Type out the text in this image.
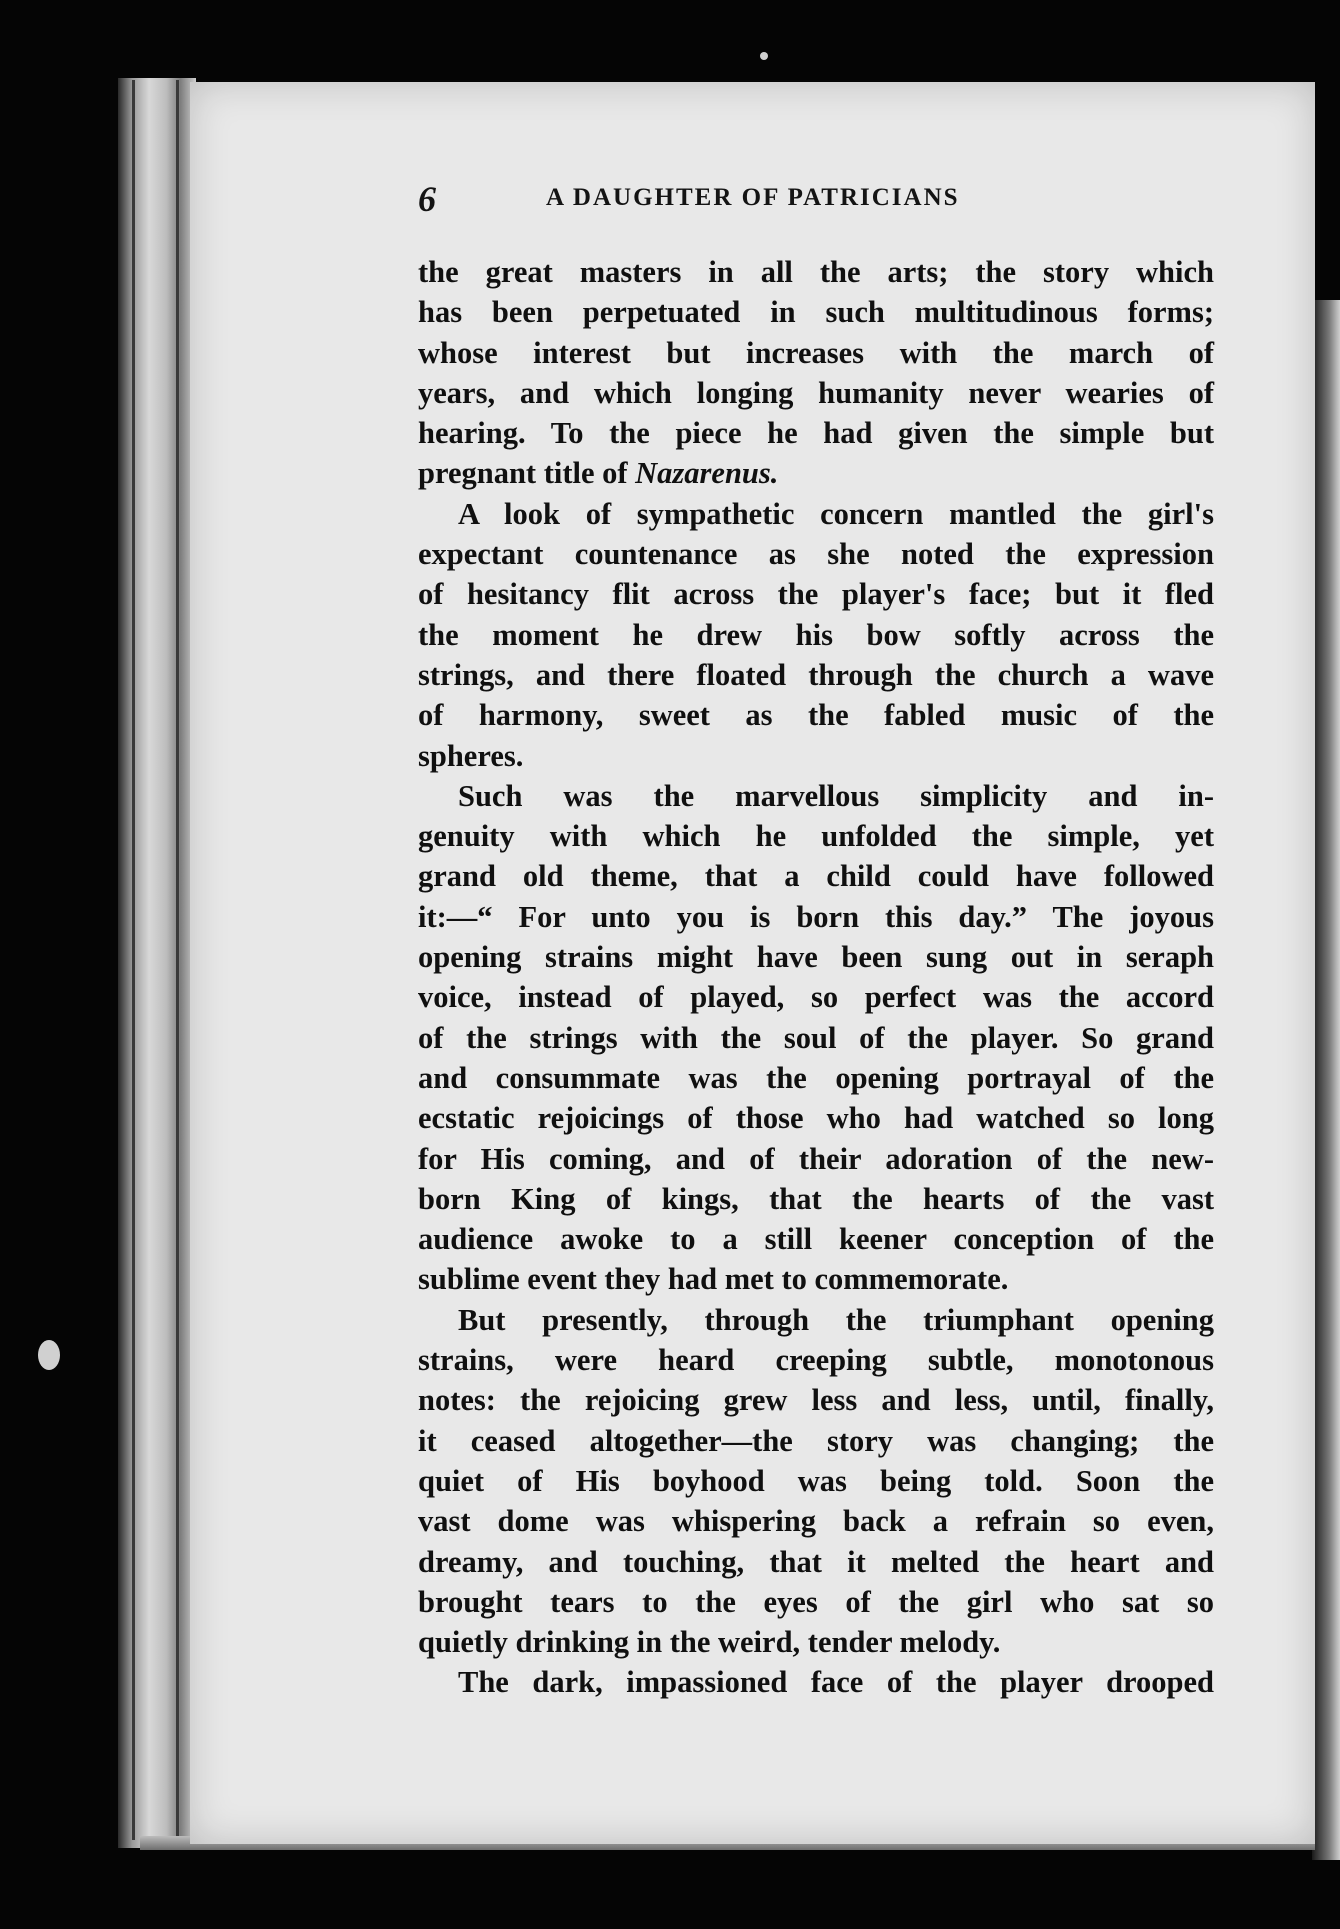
6	A DAUGHTER OF PATRICIANS
the great masters in all the arts; the story which
has been perpetuated in such multitudinous forms;
whose interest but increases with the march of
years, and which longing humanity never wearies of
hearing. To the piece he had given the simple but
pregnant title of Nazarenus.
A look of sympathetic concern mantled the girl's
expectant countenance as she noted the expression
of hesitancy flit across the player's face; but it fled
the moment he drew his bow softly across the
strings, and there floated through the church a wave
of harmony, sweet as the fabled music of the
spheres.
Such was the marvellous simplicity and in-
genuity with which he unfolded the simple, yet
grand old theme, that a child could have followed
it:—“ For unto you is born this day.” The joyous
opening strains might have been sung out in seraph
voice, instead of played, so perfect was the accord
of the strings with the soul of the player. So grand
and consummate was the opening portrayal of the
ecstatic rejoicings of those who had watched so long
for His coming, and of their adoration of the new-
born King of kings, that the hearts of the vast
audience awoke to a still keener conception of the
sublime event they had met to commemorate.
But presently, through the triumphant opening
strains, were heard creeping subtle, monotonous
notes: the rejoicing grew less and less, until, finally,
it ceased altogether—the story was changing; the
quiet of His boyhood was being told. Soon the
vast dome was whispering back a refrain so even,
dreamy, and touching, that it melted the heart and
brought tears to the eyes of the girl who sat so
quietly drinking in the weird, tender melody.
The dark, impassioned face of the player drooped
